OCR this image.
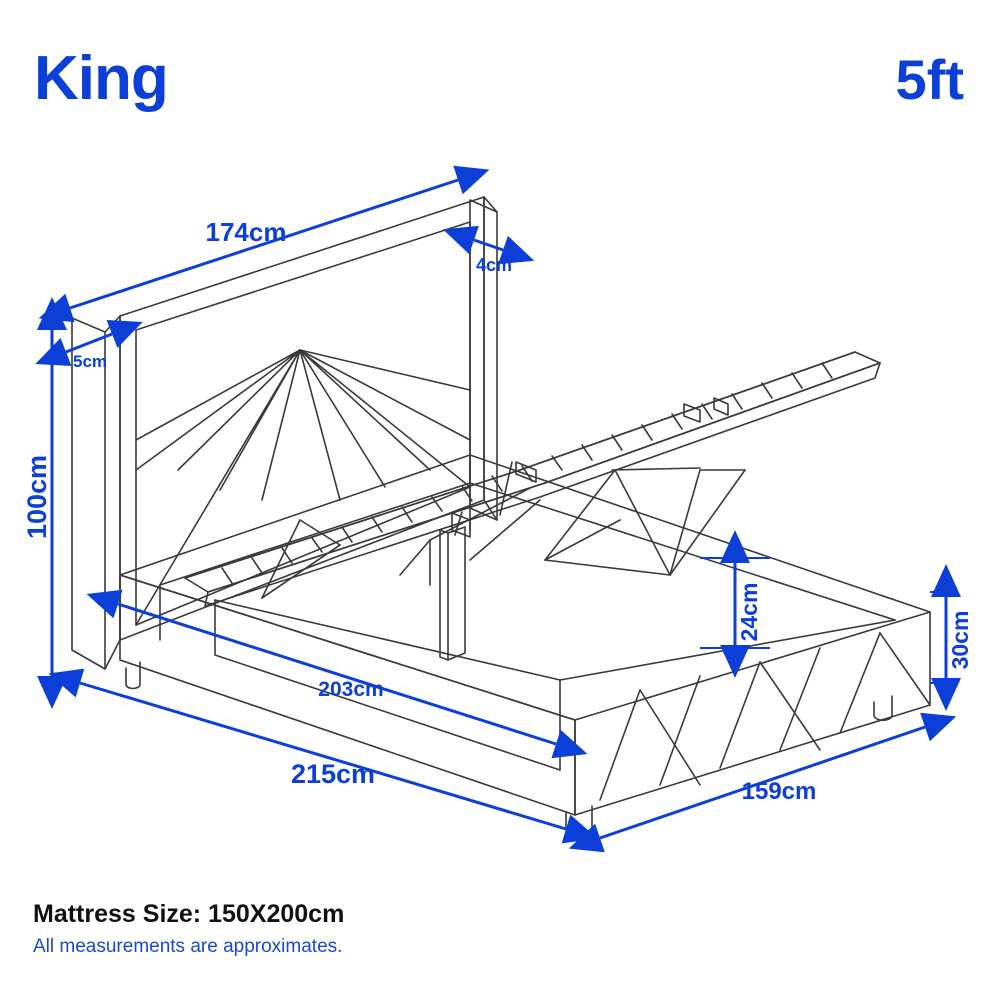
King	5ft
174cm
4cm
5cm
100cm
203cm
215cm
159cm
24cm	30cm
Mattress Size: 150X200cm
All measurements are approximates.
